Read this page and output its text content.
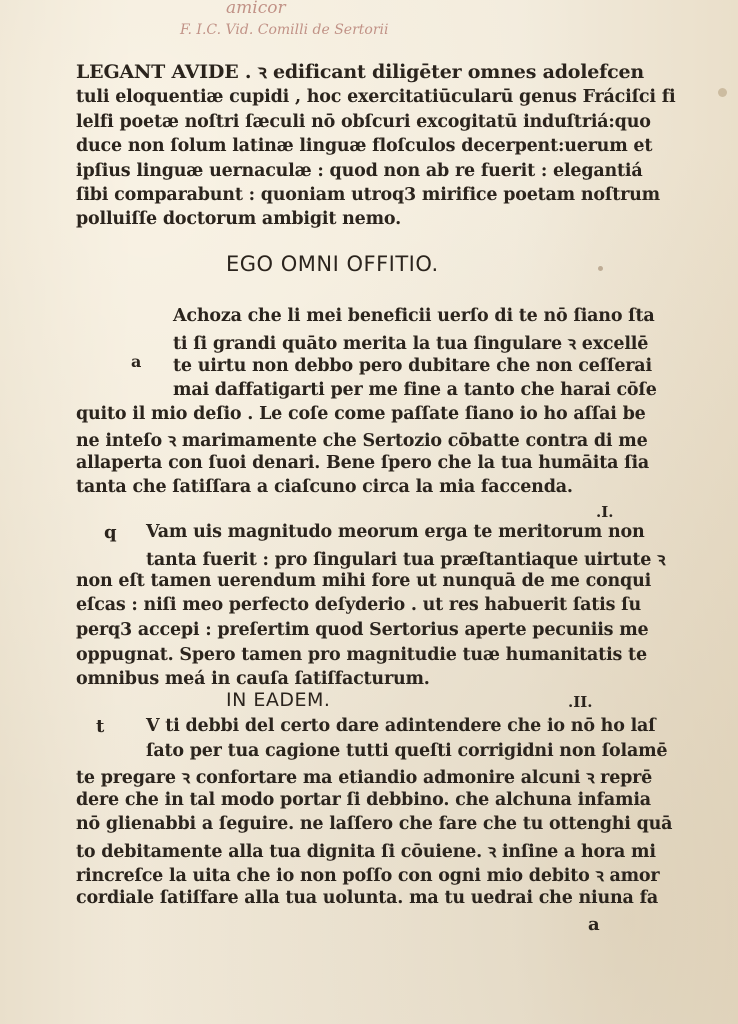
amicor
F. I.C. Vid. Comilli de Sertorii
LEGANT AVIDE . ꝛ edificant diligēter omnes adolefcen
tuli eloquentiæ cupidi , hoc exercitatiūcularū genus Fráciſci fi
lelfi poetæ noſtri ſæculi nō obſcuri excogitatū induſtriá:quo
duce non ſolum latinæ linguæ floſculos decerpent:uerum et
ipſius linguæ uernaculæ : quod non ab re fuerit : elegantiá
ſibi comparabunt : quoniam utroq3 mirifice poetam noſtrum
polluiſſe doctorum ambigit nemo.
EGO OMNI OFFITIO.
Achoza che li mei beneficii uerſo di te nō ſiano ſta
ti ſi grandi quāto merita la tua ſingulare ꝛ excellē
a te uirtu non debbo pero dubitare che non ceſſerai
mai daffatigarti per me fine a tanto che harai cōſe
quito il mio deſio . Le coſe come paſſate ſiano io ho aſſai be
ne inteſo ꝛ marimamente che Sertozio cōbatte contra di me
allaperta con ſuoi denari. Bene ſpero che la tua humāita ſia
tanta che ſatiſſara a ciaſcuno circa la mia faccenda.
.I.
q Vam uis magnitudo meorum erga te meritorum non
tanta fuerit : pro ſingulari tua præſtantiaque uirtute ꝛ
non eſt tamen uerendum mihi fore ut nunquā de me conqui
eſcas : niſi meo perfecto deſyderio . ut res habuerit ſatis ſu
perq3 accepi : preſertim quod Sertorius aperte pecuniis me
oppugnat. Spero tamen pro magnitudie tuæ humanitatis te
omnibus meá in cauſa ſatiſfacturum.
IN EADEM.	.II.
t V ti debbi del certo dare adintendere che io nō ho laſ
ſato per tua cagione tutti queſti corrigidni non ſolamē
te pregare ꝛ confortare ma etiandio admonire alcuni ꝛ reprē
dere che in tal modo portar ſi debbino. che alchuna infamia
nō glienabbi a ſeguire. ne laſſero che fare che tu ottenghi quā
to debitamente alla tua dignita ſi cōuiene. ꝛ inſine a hora mi
rincreſce la uita che io non poſſo con ogni mio debito ꝛ amor
cordiale ſatiſfare alla tua uolunta. ma tu uedrai che niuna fa
a
